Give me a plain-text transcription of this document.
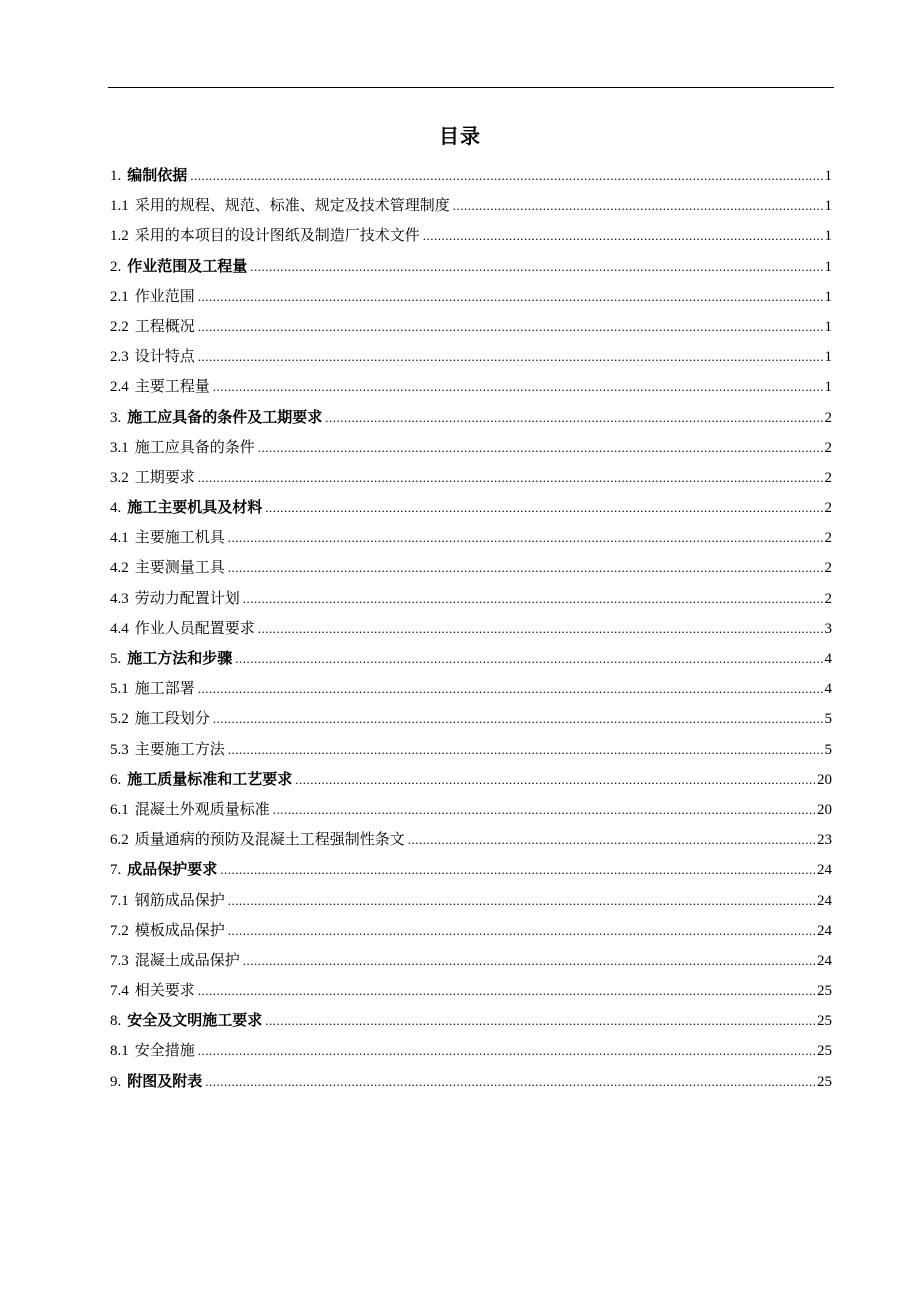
目录
1. 编制依据 .....	1
1.1 采用的规程、规范、标准、规定及技术管理制度 .....	1
1.2 采用的本项目的设计图纸及制造厂技术文件 .....	1
2. 作业范围及工程量 .....	1
2.1 作业范围 .....	1
2.2 工程概况 .....	1
2.3 设计特点 .....	1
2.4 主要工程量 .....	1
3. 施工应具备的条件及工期要求 .....	2
3.1 施工应具备的条件 .....	2
3.2 工期要求 .....	2
4. 施工主要机具及材料 .....	2
4.1 主要施工机具 .....	2
4.2 主要测量工具 .....	2
4.3 劳动力配置计划 .....	2
4.4 作业人员配置要求 .....	3
5. 施工方法和步骤 .....	4
5.1 施工部署 .....	4
5.2 施工段划分 .....	5
5.3 主要施工方法 .....	5
6. 施工质量标准和工艺要求 .....	20
6.1 混凝土外观质量标准 .....	20
6.2 质量通病的预防及混凝土工程强制性条文 .....	23
7. 成品保护要求 .....	24
7.1 钢筋成品保护 .....	24
7.2 模板成品保护 .....	24
7.3 混凝土成品保护 .....	24
7.4 相关要求 .....	25
8. 安全及文明施工要求 .....	25
8.1 安全措施 .....	25
9. 附图及附表 .....	25
